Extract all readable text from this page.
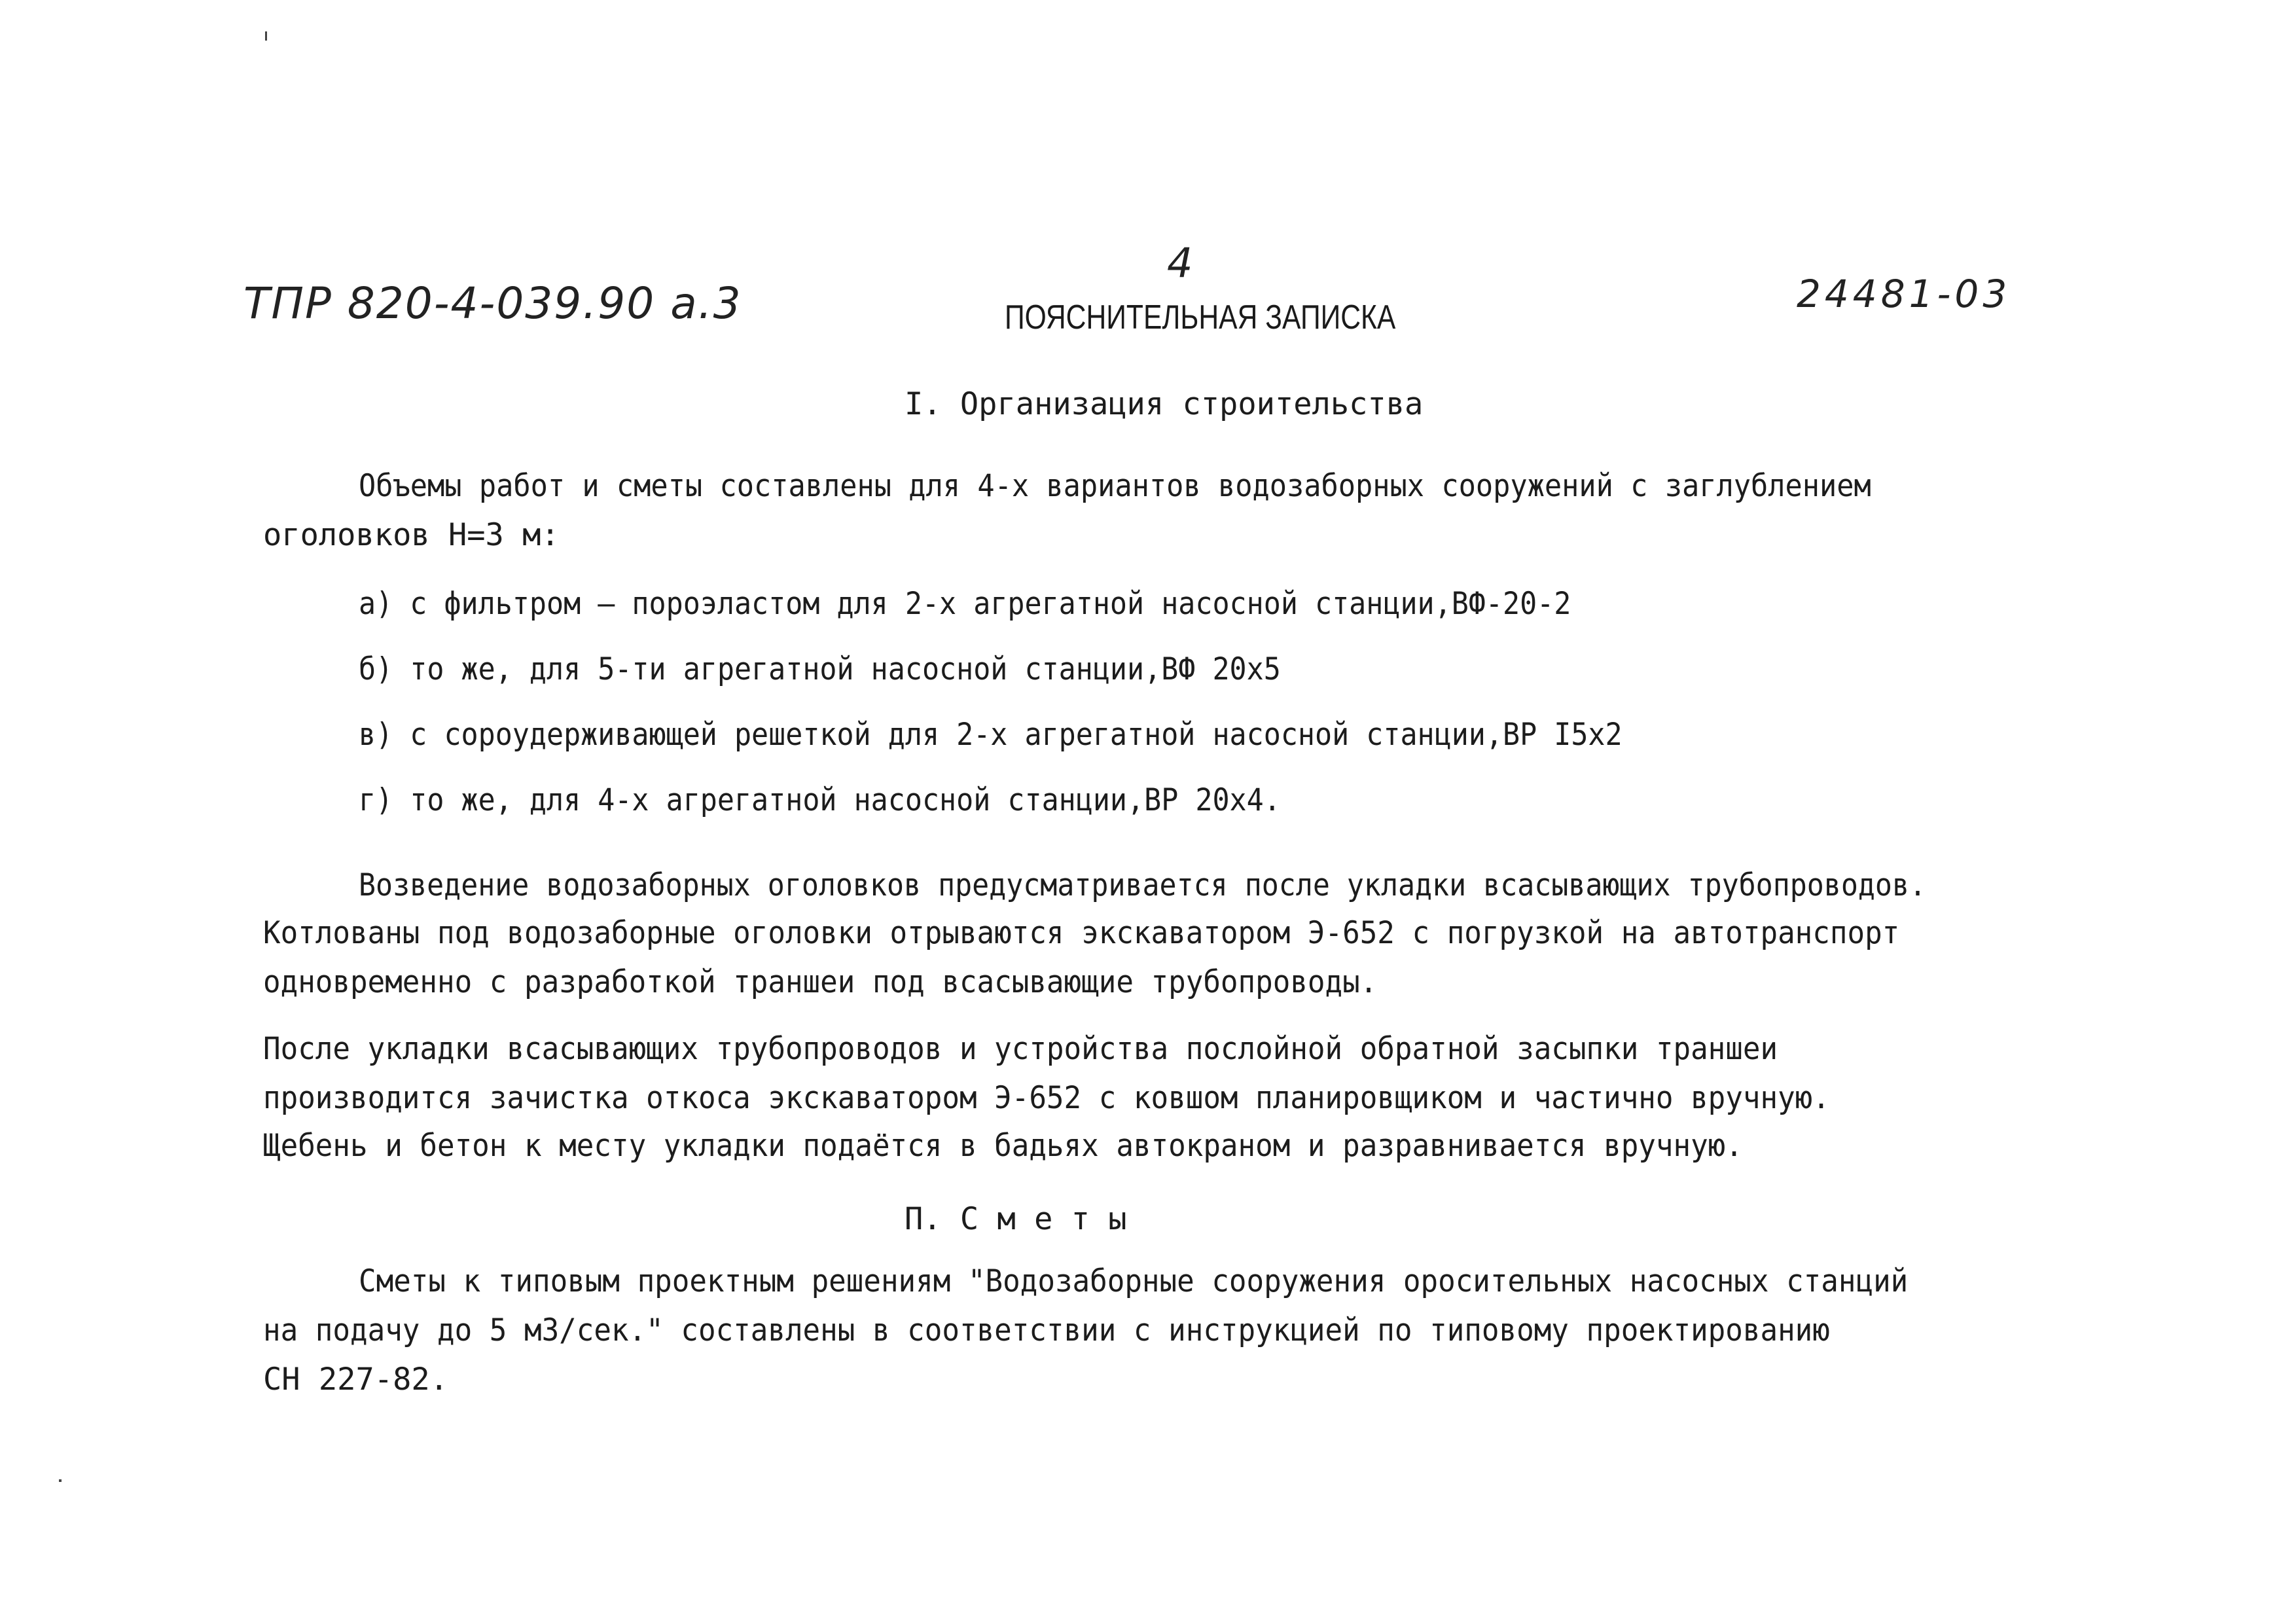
ТПР 820-4-039.90 а.3
4
24481-03
ПОЯСНИТЕЛЬНАЯ ЗАПИСКА
I. Организация строительства
Объемы работ и сметы составлены для 4-х вариантов водозаборных сооружений с заглублением
оголовков Н=3 м:
а) с фильтром — пороэластом для 2-х агрегатной насосной станции,ВФ-20-2
б) то же, для 5-ти агрегатной насосной станции,ВФ 20х5
в) с сороудерживающей решеткой для 2-х агрегатной насосной станции,ВР I5х2
г) то же, для 4-х агрегатной насосной станции,ВР 20х4.
Возведение водозаборных оголовков предусматривается после укладки всасывающих трубопроводов.
Котлованы под водозаборные оголовки отрываются экскаватором Э-652 с погрузкой на автотранспорт
одновременно с разработкой траншеи под всасывающие трубопроводы.
После укладки всасывающих трубопроводов и устройства послойной обратной засыпки траншеи
производится зачистка откоса экскаватором Э-652 с ковшом планировщиком и частично вручную.
Щебень и бетон к месту укладки подаётся в бадьях автокраном и разравнивается вручную.
П. С м е т ы
Сметы к типовым проектным решениям "Водозаборные сооружения оросительных насосных станций
на подачу до 5 м3/сек." составлены в соответствии с инструкцией по типовому проектированию
СН 227-82.
